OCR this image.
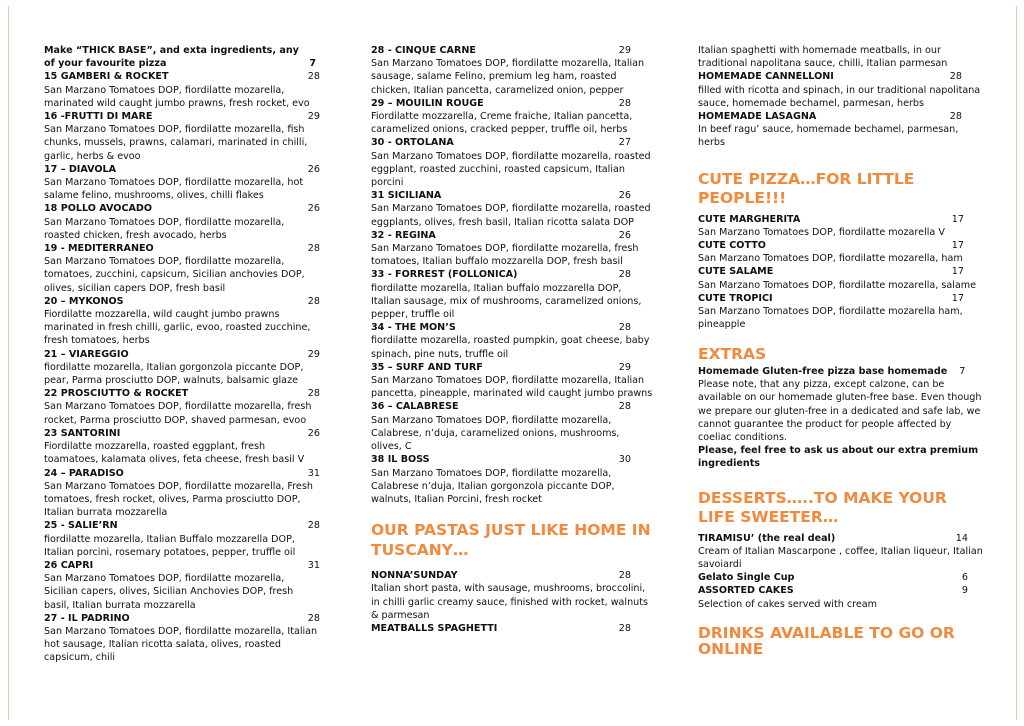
Make “THICK BASE”, and exta ingredients, any of your favourite pizza	7
15 GAMBERI & ROCKET	28

San Marzano Tomatoes DOP, fiordilatte mozarella, marinated wild caught jumbo prawns, fresh rocket, evo

16 -FRUTTI DI MARE	29

San Marzano Tomatoes DOP, fiordilatte mozarella, fish chunks, mussels, prawns, calamari, marinated in chilli, garlic, herbs & evoo

17 – DIAVOLA	26

San Marzano Tomatoes DOP, fiordilatte mozarella, hot salame felino, mushrooms, olives, chilli flakes

18 POLLO AVOCADO	26

San Marzano Tomatoes DOP, fiordilatte mozarella, roasted chicken, fresh avocado, herbs

19 - MEDITERRANEO	28

San Marzano Tomatoes DOP, fiordilatte mozarella, tomatoes, zucchini, capsicum, Sicilian anchovies DOP, olives, sicilian capers DOP, fresh basil

20 – MYKONOS	28

Fiordilatte mozzarella, wild caught jumbo prawns marinated in fresh chilli, garlic, evoo, roasted zucchine, fresh tomatoes, herbs

21 – VIAREGGIO	29

fiordilatte mozarella, Italian gorgonzola piccante DOP, pear, Parma prosciutto DOP, walnuts, balsamic glaze

22 PROSCIUTTO & ROCKET	28

San Marzano Tomatoes DOP, fiordilatte mozarella, fresh rocket, Parma prosciutto DOP, shaved parmesan, evoo

23 SANTORINI	26

Fiordilatte mozzarella, roasted eggplant, fresh toamatoes, kalamata olives, feta cheese, fresh basil V

24 – PARADISO	31

San Marzano Tomatoes DOP, fiordilatte mozarella, Fresh tomatoes, fresh rocket, olives, Parma prosciutto DOP, Italian burrata mozzarella

25 - SALIE’RN	28

fiordilatte mozarella, Italian Buffalo mozzarella DOP, Italian porcini, rosemary potatoes, pepper, truffle oil

26 CAPRI	31

San Marzano Tomatoes DOP, fiordilatte mozarella, Sicilian capers, olives, Sicilian Anchovies DOP, fresh basil, Italian burrata mozzarella

27 - IL PADRINO	28

San Marzano Tomatoes DOP, fiordilatte mozarella, Italian hot sausage, Italian ricotta salata, olives, roasted capsicum, chili

28 - CINQUE CARNE	29

San Marzano Tomatoes DOP, fiordilatte mozarella, Italian sausage, salame Felino, premium leg ham, roasted chicken, Italian pancetta, caramelized onion, pepper

29 – MOUILIN ROUGE	28

Fiordilatte mozzarella, Creme fraiche, Italian pancetta, caramelized onions, cracked pepper, truffle oil, herbs

30 - ORTOLANA	27

San Marzano Tomatoes DOP, fiordilatte mozarella, roasted eggplant, roasted zucchini, roasted capsicum, Italian porcini

31 SICILIANA	26

San Marzano Tomatoes DOP, fiordilatte mozarella, roasted eggplants, olives, fresh basil, Italian ricotta salata DOP

32 - REGINA	26

San Marzano Tomatoes DOP, fiordilatte mozarella, fresh tomatoes, Italian buffalo mozzarella DOP, fresh basil

33 - FORREST (FOLLONICA)	28

fiordilatte mozarella, Italian buffalo mozzarella DOP, Italian sausage, mix of mushrooms, caramelized onions, pepper, truffle oil

34 - THE MON’S	28

fiordilatte mozarella, roasted pumpkin, goat cheese, baby spinach, pine nuts, truffle oil

35 – SURF AND TURF	29

San Marzano Tomatoes DOP, fiordilatte mozarella, Italian pancetta, pineapple, marinated wild caught jumbo prawns

36 – CALABRESE	28

San Marzano Tomatoes DOP, fiordilatte mozarella, Calabrese, n’duja, caramelized onions, mushrooms, olives, C

38 IL BOSS	30

San Marzano Tomatoes DOP, fiordilatte mozarella, Calabrese n’duja, Italian gorgonzola piccante DOP, walnuts, Italian Porcini, fresh rocket

OUR PASTAS JUST LIKE HOME IN TUSCANY…

NONNA’SUNDAY	28

Italian short pasta, with sausage, mushrooms, broccolini, in chilli garlic creamy sauce, finished with rocket, walnuts & parmesan

MEATBALLS SPAGHETTI	28

Italian spaghetti with homemade meatballs, in our traditional napolitana sauce, chilli, Italian parmesan

HOMEMADE CANNELLONI	28

filled with ricotta and spinach, in our traditional napolitana sauce, homemade bechamel, parmesan, herbs

HOMEMADE LASAGNA	28

In beef ragu’ sauce, homemade bechamel, parmesan, herbs

CUTE PIZZA…FOR LITTLE PEOPLE!!!

CUTE MARGHERITA	17

San Marzano Tomatoes DOP, fiordilatte mozarella V

CUTE COTTO	17

San Marzano Tomatoes DOP, fiordilatte mozarella, ham

CUTE SALAME	17

San Marzano Tomatoes DOP, fiordilatte mozarella, salame

CUTE TROPICI	17

San Marzano Tomatoes DOP, fiordilatte mozarella ham, pineapple

EXTRAS

Homemade Gluten-free pizza base homemade 7

Please note, that any pizza, except calzone, can be available on our homemade gluten-free base. Even though we prepare our gluten-free in a dedicated and safe lab, we cannot guarantee the product for people affected by coeliac conditions.

Please, feel free to ask us about our extra premium ingredients

DESSERTS…..TO MAKE YOUR LIFE SWEETER…

TIRAMISU’ (the real deal)	14

Cream of Italian Mascarpone , coffee, Italian liqueur, Italian savoiardi

Gelato Single Cup	6
ASSORTED CAKES	9

Selection of cakes served with cream

DRINKS AVAILABLE TO GO OR ONLINE
